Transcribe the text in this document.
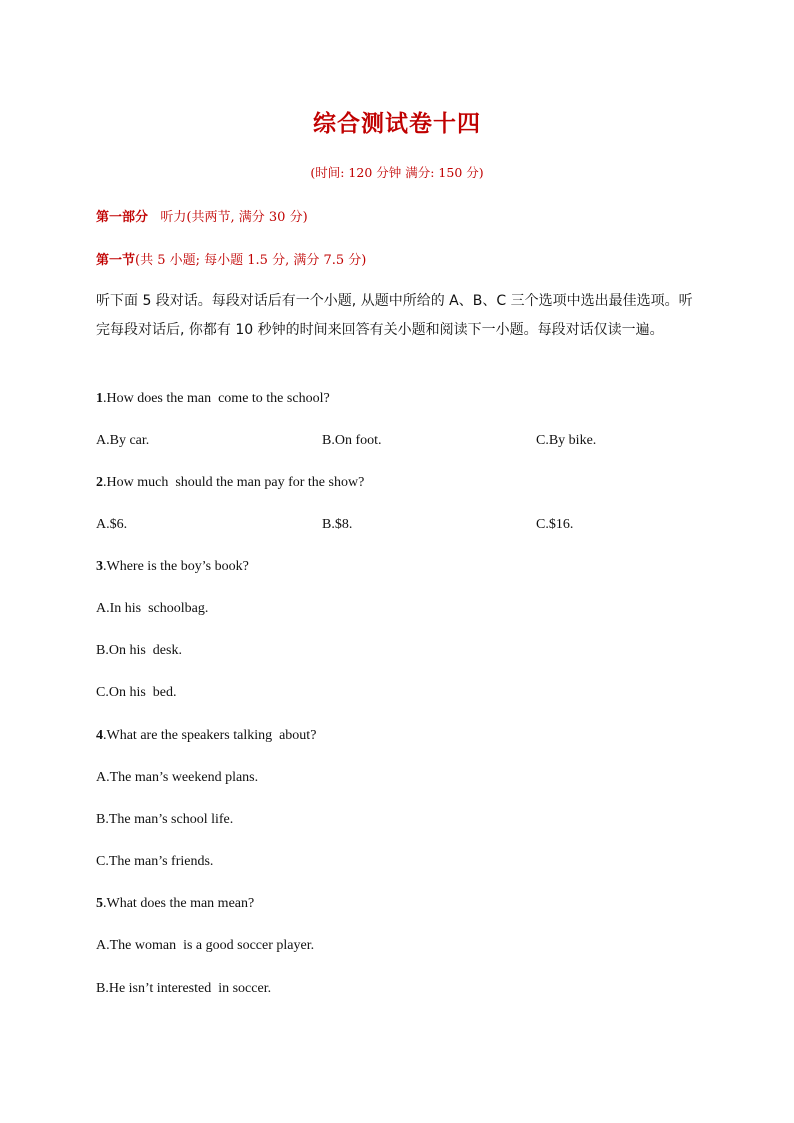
综合测试卷十四
(时间: 120 分钟 满分: 150 分)
第一部分 听力(共两节, 满分 30 分)
第一节(共 5 小题; 每小题 1.5 分, 满分 7.5 分)
听下面 5 段对话。每段对话后有一个小题, 从题中所给的 A、B、C 三个选项中选出最佳选项。听完每段对话后, 你都有 10 秒钟的时间来回答有关小题和阅读下一小题。每段对话仅读一遍。
1.How does the man  come to the school?
A.By car.	B.On foot.	C.By bike.
2.How much  should the man pay for the show?
A.$6.	B.$8.	C.$16.
3.Where is the boy’s book?
A.In his  schoolbag.
B.On his  desk.
C.On his  bed.
4.What are the speakers talking  about?
A.The man’s weekend plans.
B.The man’s school life.
C.The man’s friends.
5.What does the man mean?
A.The woman  is a good soccer player.
B.He isn’t interested  in soccer.
